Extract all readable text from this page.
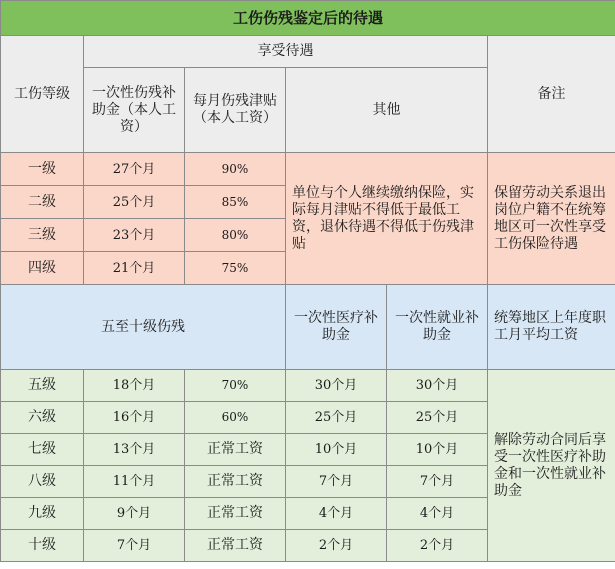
工伤伤残鉴定后的待遇					
工伤等级	享受待遇				备注
	一次性伤残补助金（本人工资）	每月伤残津贴（本人工资）	其他		
一级	27个月	90%	单位与个人继续缴纳保险，实际每月津贴不得低于最低工资，退休待遇不得低于伤残津贴		保留劳动关系退出岗位户籍不在统筹地区可一次性享受工伤保险待遇
二级	25个月	85%			
三级	23个月	80%			
四级	21个月	75%			
五至十级伤残			一次性医疗补助金	一次性就业补助金	统筹地区上年度职工月平均工资
五级	18个月	70%	30个月	30个月	解除劳动合同后享受一次性医疗补助金和一次性就业补助金
六级	16个月	60%	25个月	25个月	
七级	13个月	正常工资	10个月	10个月	
八级	11个月	正常工资	7个月	7个月	
九级	9个月	正常工资	4个月	4个月	
十级	7个月	正常工资	2个月	2个月	
